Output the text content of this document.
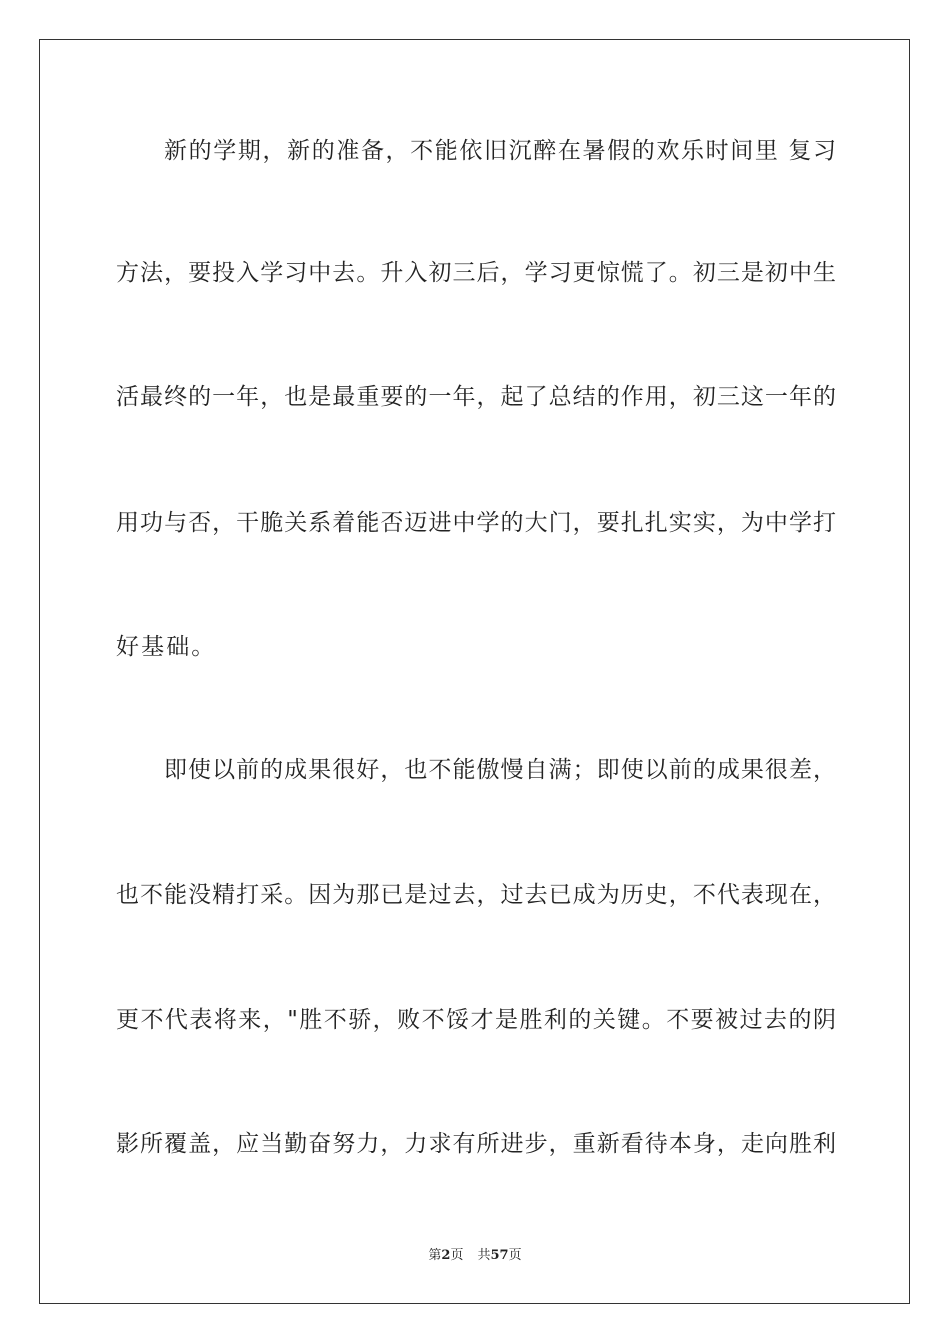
新的学期，新的准备，不能依旧沉醉在暑假的欢乐时间里 复习
方法，要投入学习中去。升入初三后，学习更惊慌了。初三是初中生
活最终的一年，也是最重要的一年，起了总结的作用，初三这一年的
用功与否，干脆关系着能否迈进中学的大门，要扎扎实实，为中学打
好基础。
即使以前的成果很好，也不能傲慢自满；即使以前的成果很差，
也不能没精打采。因为那已是过去，过去已成为历史，不代表现在，
更不代表将来，"胜不骄，败不馁才是胜利的关键。不要被过去的阴
影所覆盖，应当勤奋努力，力求有所进步，重新看待本身，走向胜利
第2页 共57页
